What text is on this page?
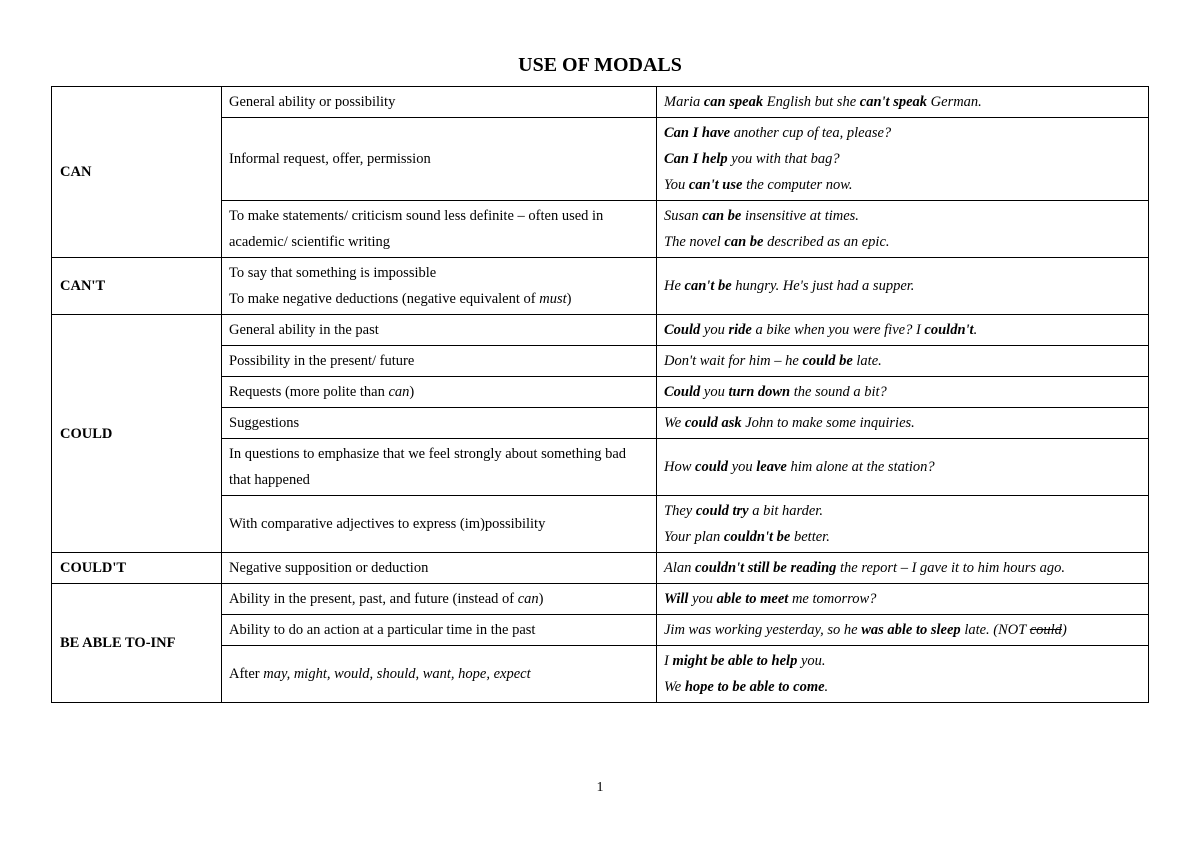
USE OF MODALS
CAN	General ability or possibility	Maria can speak English but she can't speak German.

	Informal request, offer, permission	Can I have another cup of tea, please?
Can I help you with that bag?
You can't use the computer now.

	To make statements/ criticism sound less definite – often used in academic/ scientific writing	Susan can be insensitive at times.
The novel can be described as an epic.

CAN'T	To say that something is impossible
To make negative deductions (negative equivalent of must)	He can't be hungry. He's just had a supper.

COULD	General ability in the past	Could you ride a bike when you were five? I couldn't.

	Possibility in the present/ future	Don't wait for him – he could be late.

	Requests (more polite than can)	Could you turn down the sound a bit?

	Suggestions	We could ask John to make some inquiries.

	In questions to emphasize that we feel strongly about something bad that happened	How could you leave him alone at the station?

	With comparative adjectives to express (im)possibility	They could try a bit harder.
Your plan couldn't be better.

COULD'T	Negative supposition or deduction	Alan couldn't still be reading the report – I gave it to him hours ago.

BE ABLE TO-INF	Ability in the present, past, and future (instead of can)	Will you able to meet me tomorrow?

	Ability to do an action at a particular time in the past	Jim was working yesterday, so he was able to sleep late. (NOT could)

	After may, might, would, should, want, hope, expect	I might be able to help you.
We hope to be able to come.
1
